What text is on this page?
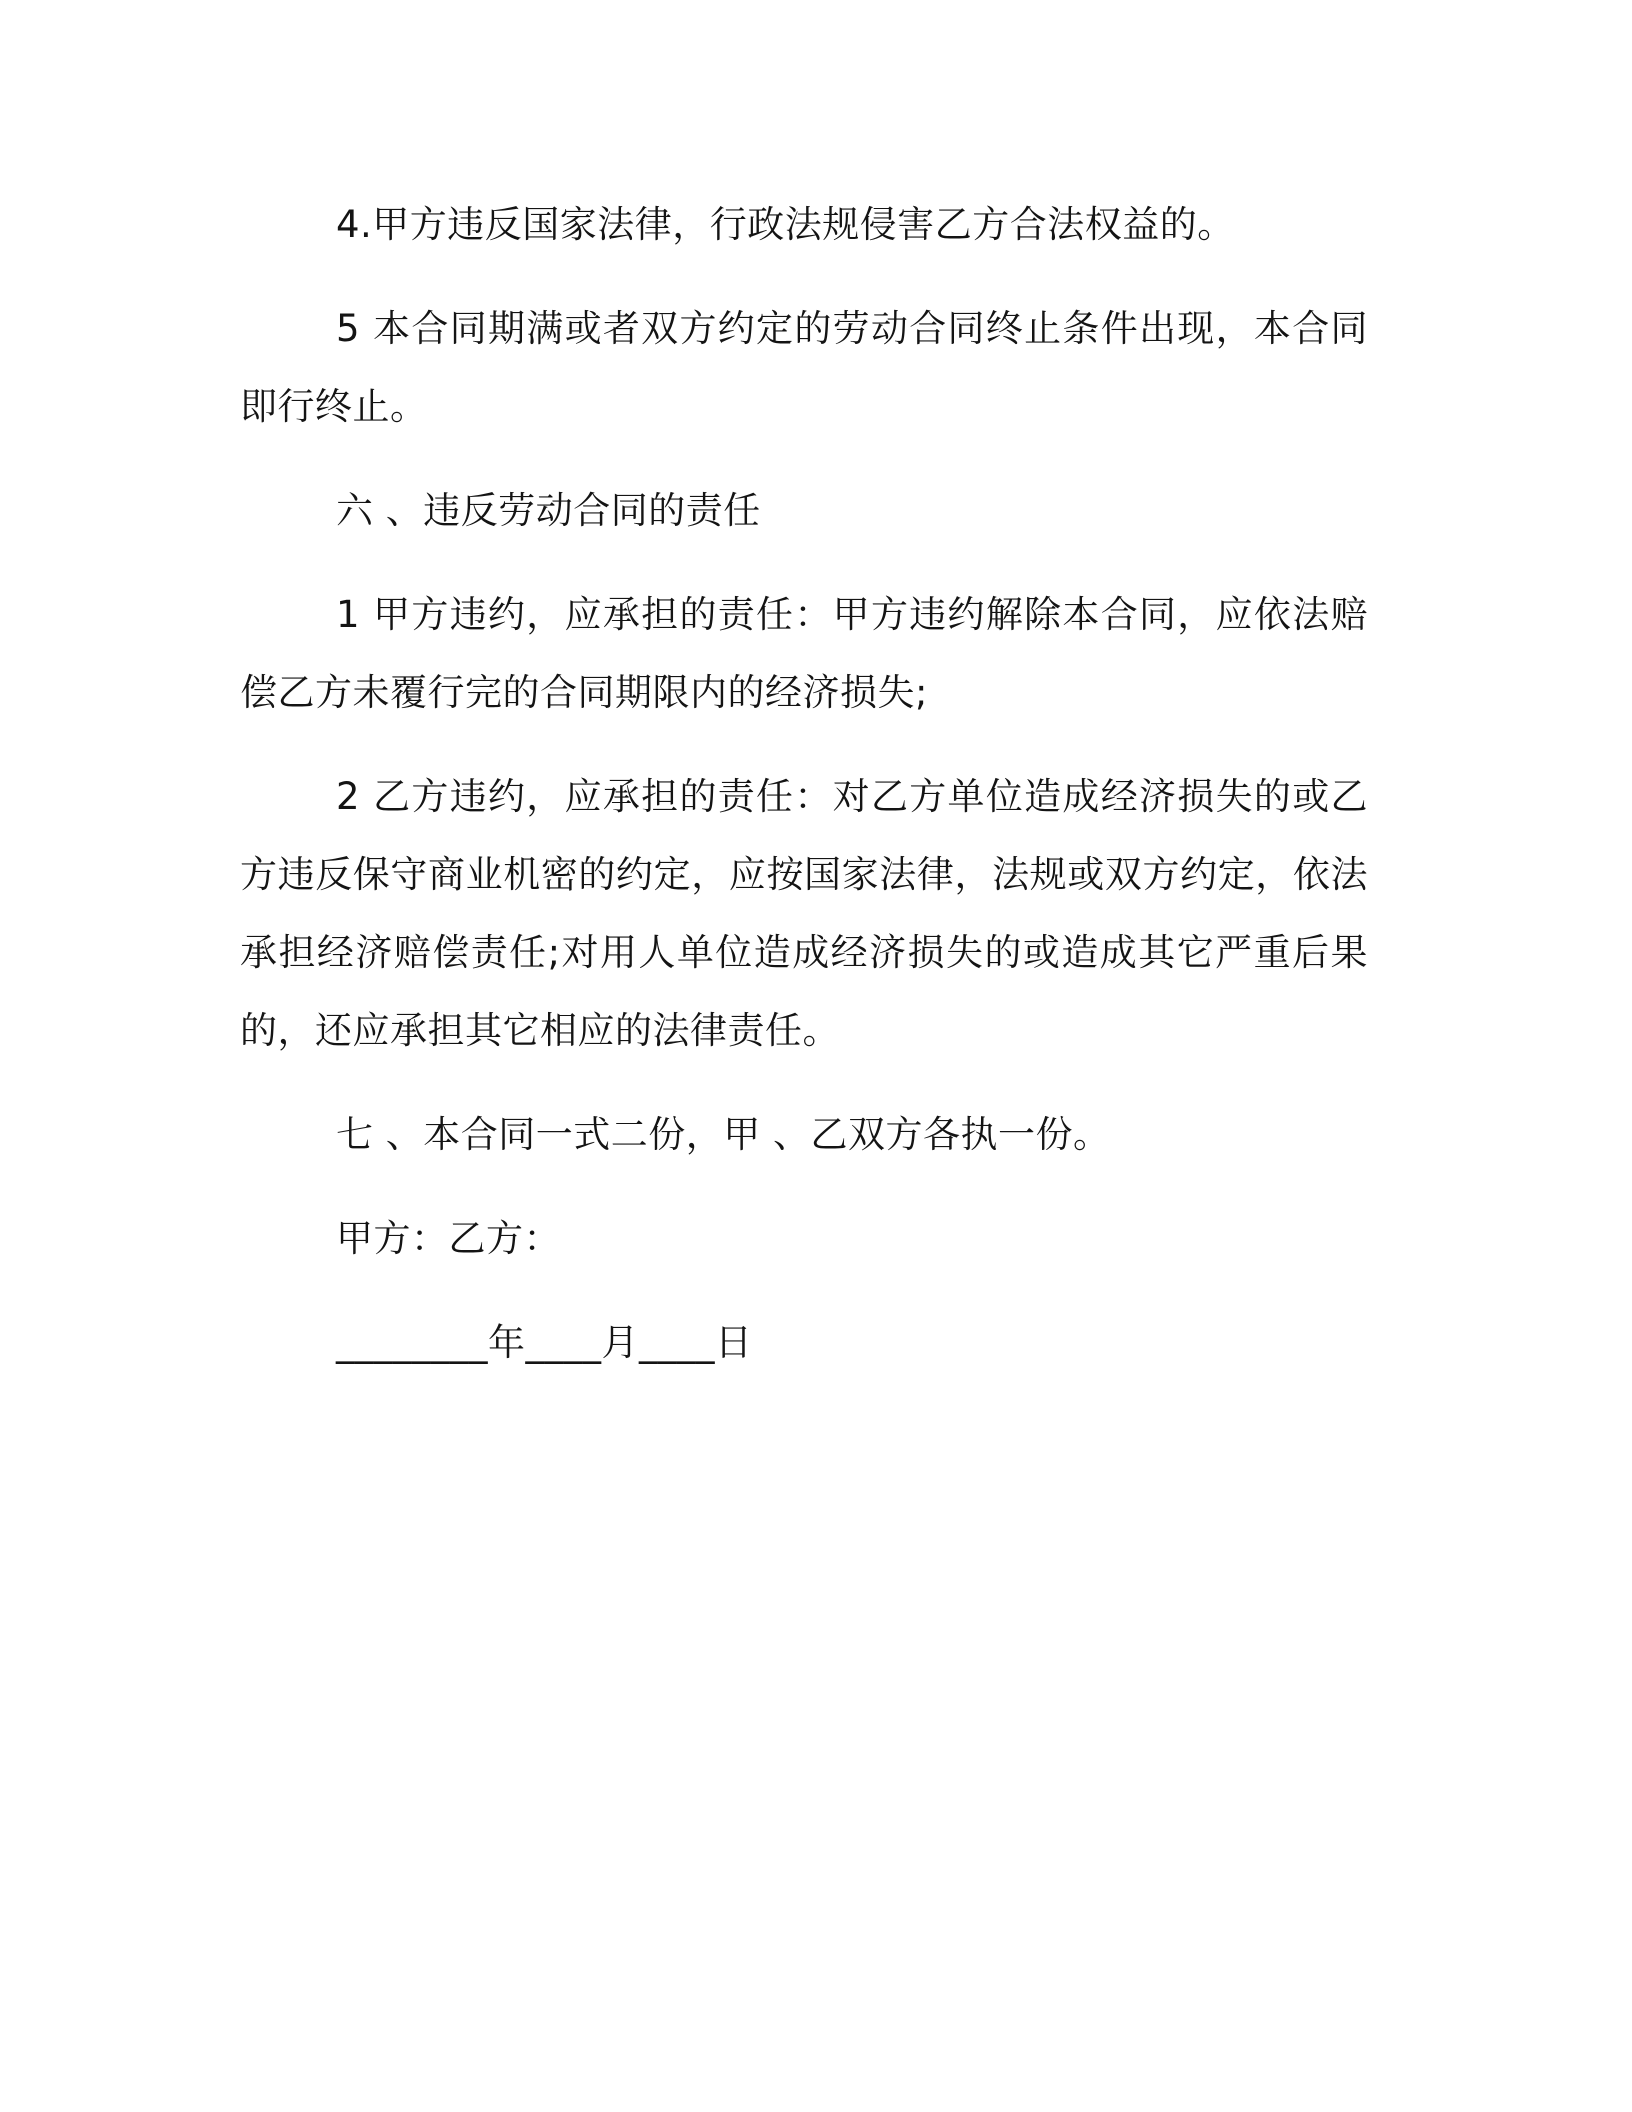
4.甲方违反国家法律，行政法规侵害乙方合法权益的。

5 本合同期满或者双方约定的劳动合同终止条件出现，本合同即行终止。

六 、违反劳动合同的责任

1 甲方违约，应承担的责任：甲方违约解除本合同，应依法赔偿乙方未覆行完的合同期限内的经济损失;

2 乙方违约，应承担的责任：对乙方单位造成经济损失的或乙方违反保守商业机密的约定，应按国家法律，法规或双方约定，依法承担经济赔偿责任;对用人单位造成经济损失的或造成其它严重后果的，还应承担其它相应的法律责任。

七 、本合同一式二份，甲 、乙双方各执一份。

甲方：乙方：

________年____月____日
